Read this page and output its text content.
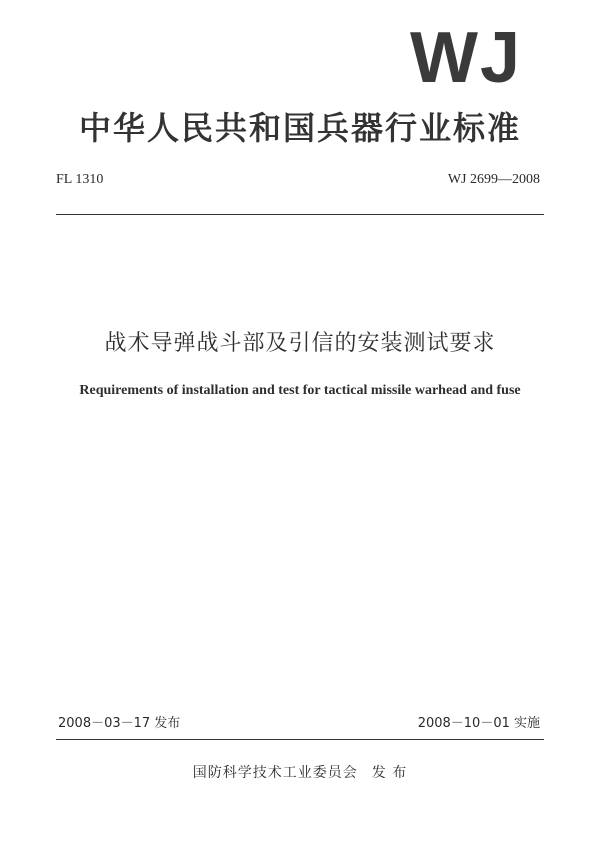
WJ
中华人民共和国兵器行业标准
FL 1310	WJ 2699—2008
战术导弹战斗部及引信的安装测试要求
Requirements of installation and test for tactical missile warhead and fuse
2008－03－17 发布	2008－10－01 实施
国防科学技术工业委员会 发 布
